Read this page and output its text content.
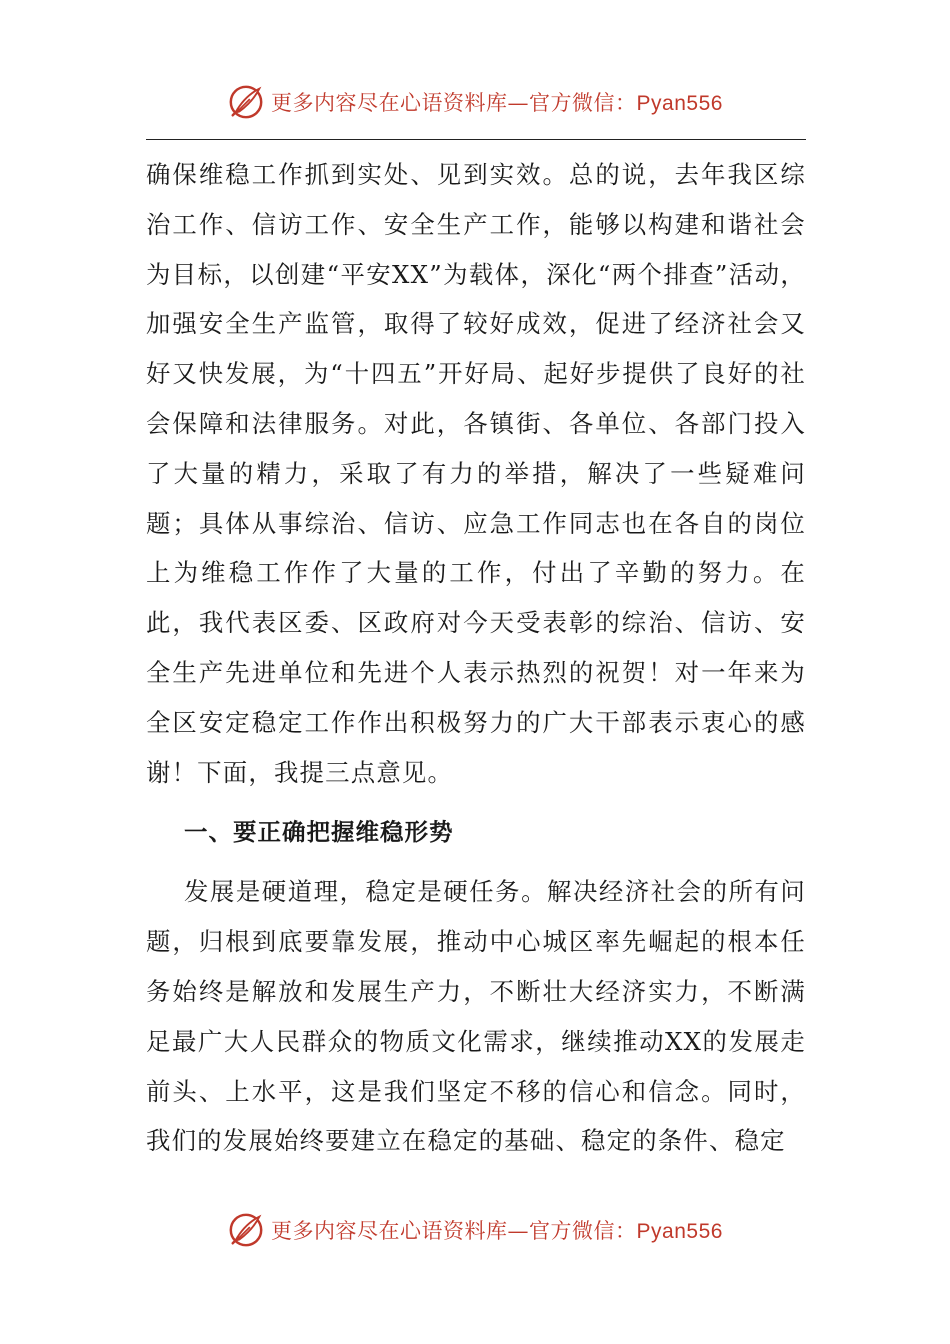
更多内容尽在心语资料库—官方微信：Pyan556

确保维稳工作抓到实处、见到实效。总的说，去年我区综治工作、信访工作、安全生产工作，能够以构建和谐社会为目标，以创建“平安XX”为载体，深化“两个排查”活动，加强安全生产监管，取得了较好成效，促进了经济社会又好又快发展，为“十四五”开好局、起好步提供了良好的社会保障和法律服务。对此，各镇街、各单位、各部门投入了大量的精力，采取了有力的举措，解决了一些疑难问题；具体从事综治、信访、应急工作同志也在各自的岗位上为维稳工作作了大量的工作，付出了辛勤的努力。在此，我代表区委、区政府对今天受表彰的综治、信访、安全生产先进单位和先进个人表示热烈的祝贺！对一年来为全区安定稳定工作作出积极努力的广大干部表示衷心的感谢！下面，我提三点意见。

一、要正确把握维稳形势

发展是硬道理，稳定是硬任务。解决经济社会的所有问题，归根到底要靠发展，推动中心城区率先崛起的根本任务始终是解放和发展生产力，不断壮大经济实力，不断满足最广大人民群众的物质文化需求，继续推动XX的发展走前头、上水平，这是我们坚定不移的信心和信念。同时，我们的发展始终要建立在稳定的基础、稳定的条件、稳定

更多内容尽在心语资料库—官方微信：Pyan556
